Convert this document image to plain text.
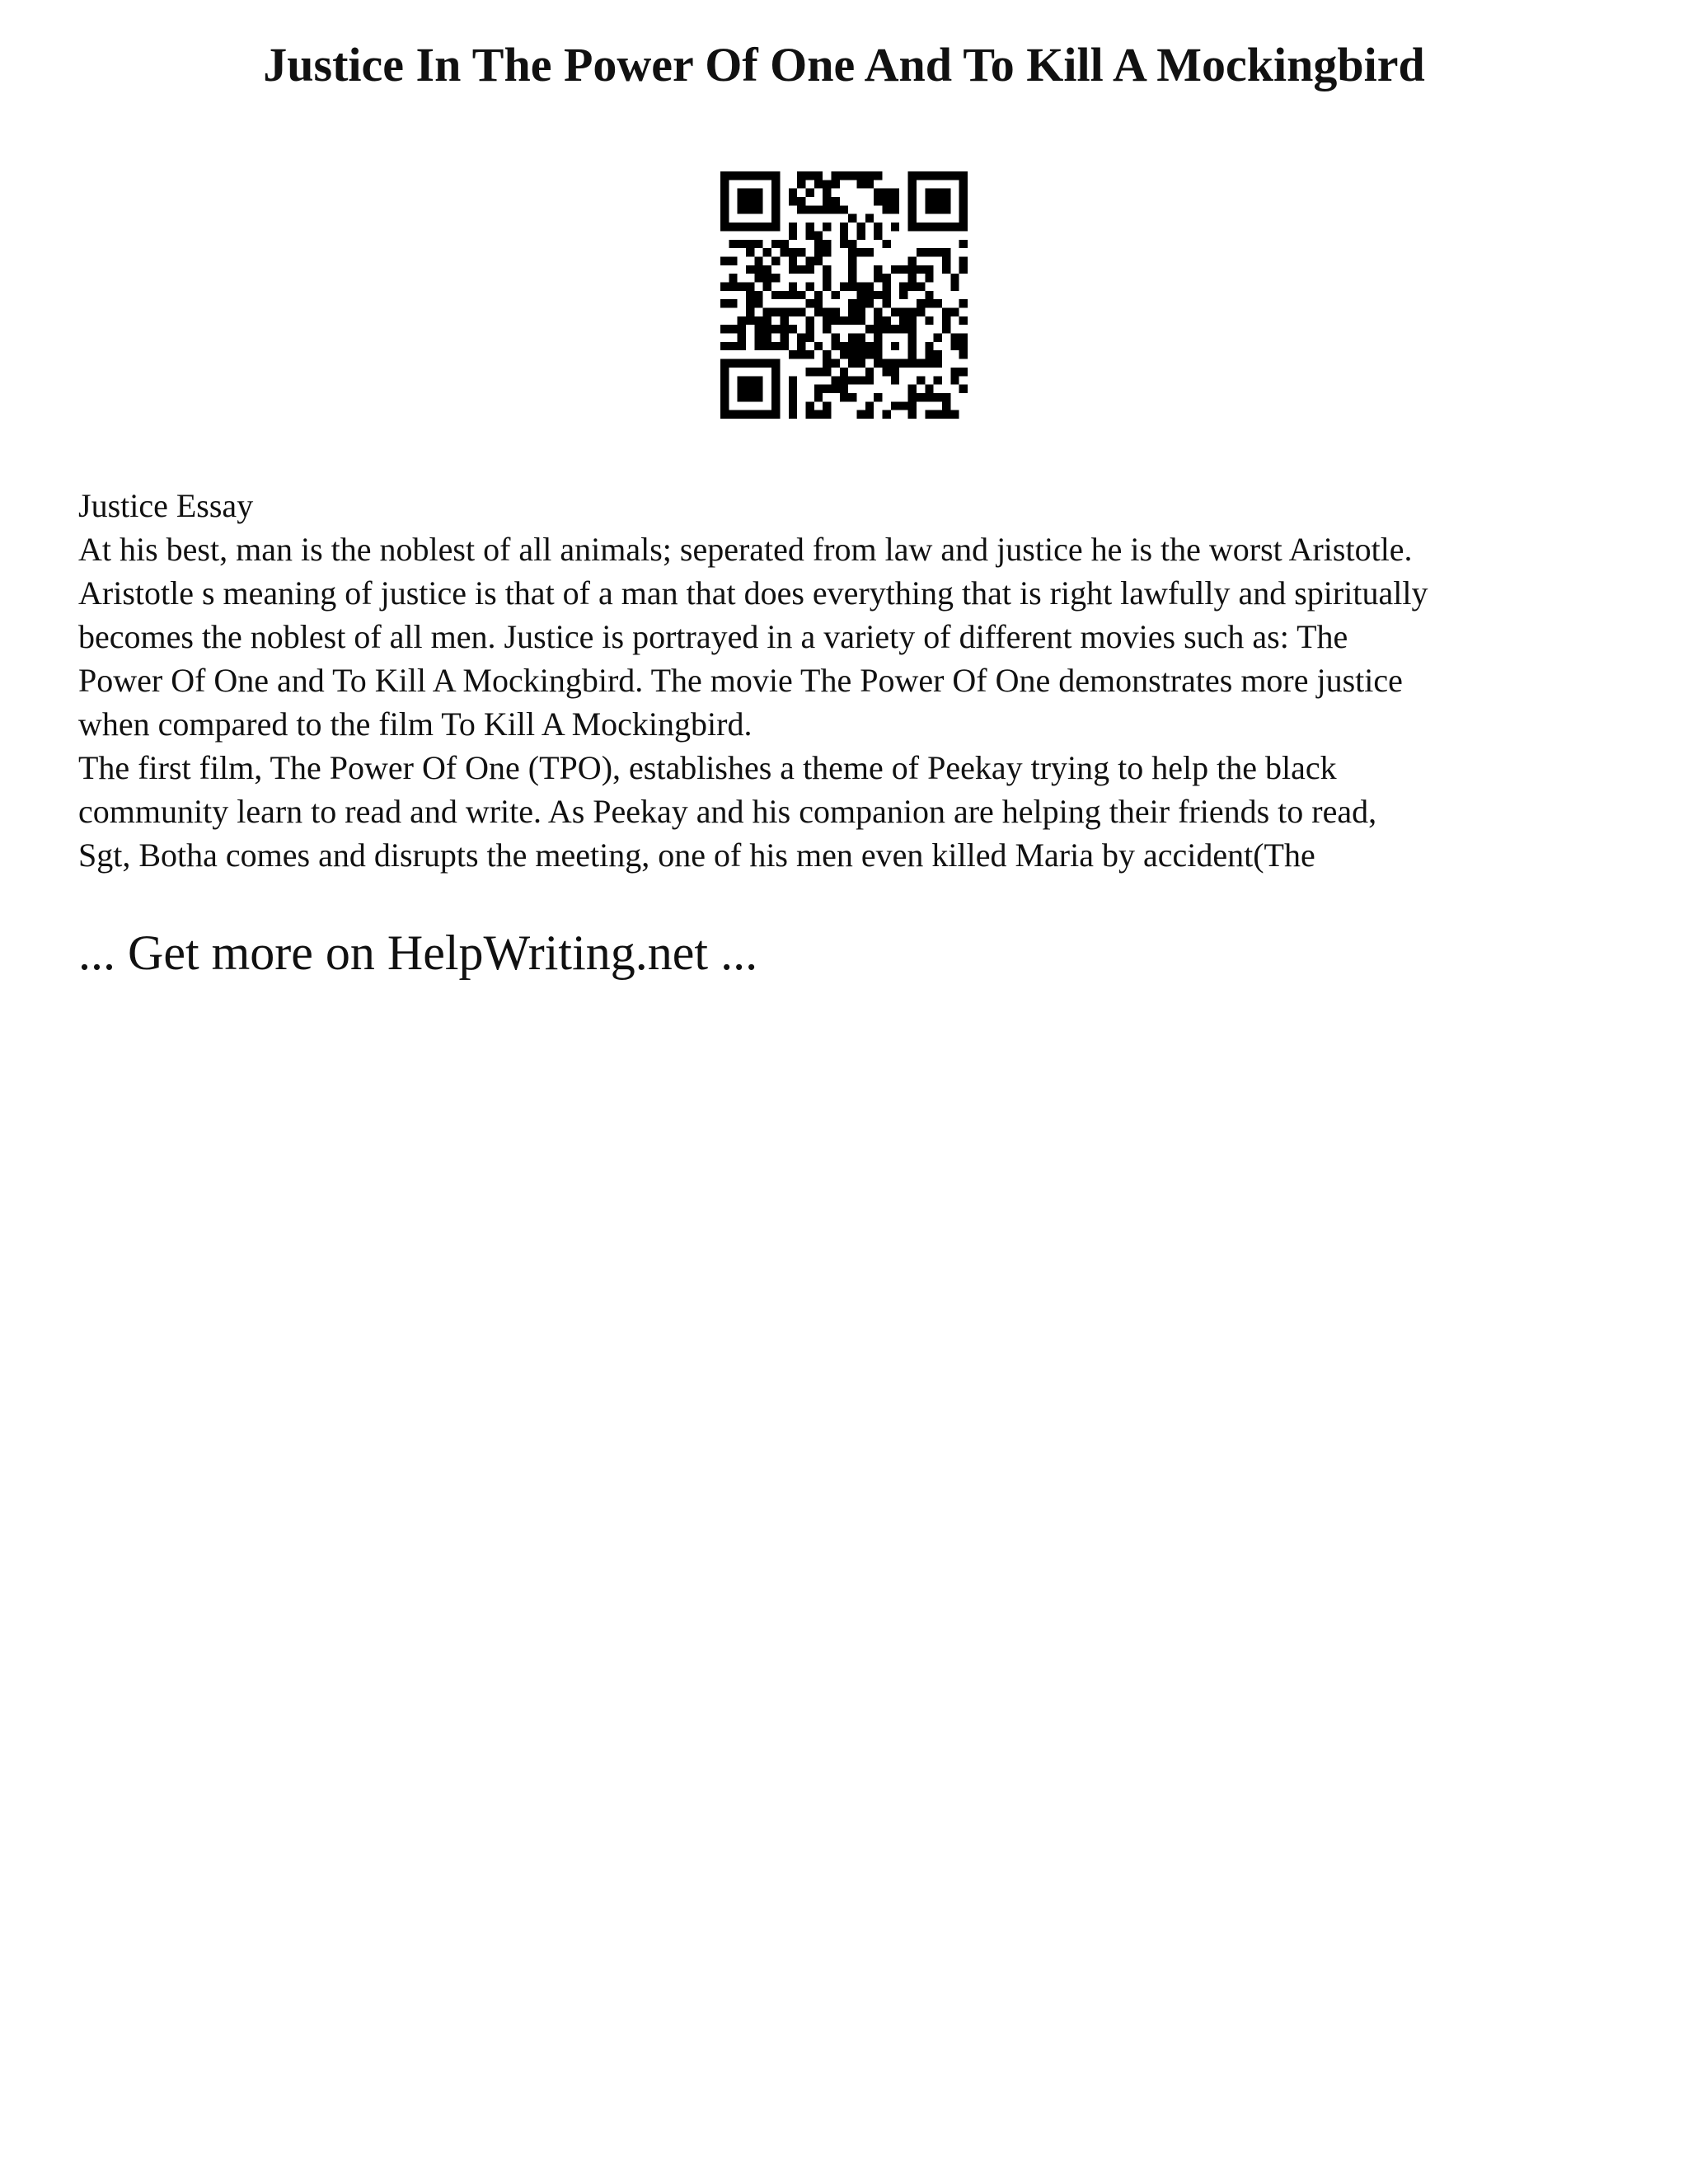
Justice In The Power Of One And To Kill A Mockingbird
Justice Essay
At his best, man is the noblest of all animals; seperated from law and justice he is the worst Aristotle.
Aristotle s meaning of justice is that of a man that does everything that is right lawfully and spiritually
becomes the noblest of all men. Justice is portrayed in a variety of different movies such as: The
Power Of One and To Kill A Mockingbird. The movie The Power Of One demonstrates more justice
when compared to the film To Kill A Mockingbird.
The first film, The Power Of One (TPO), establishes a theme of Peekay trying to help the black
community learn to read and write. As Peekay and his companion are helping their friends to read,
Sgt, Botha comes and disrupts the meeting, one of his men even killed Maria by accident(The
... Get more on HelpWriting.net ...
